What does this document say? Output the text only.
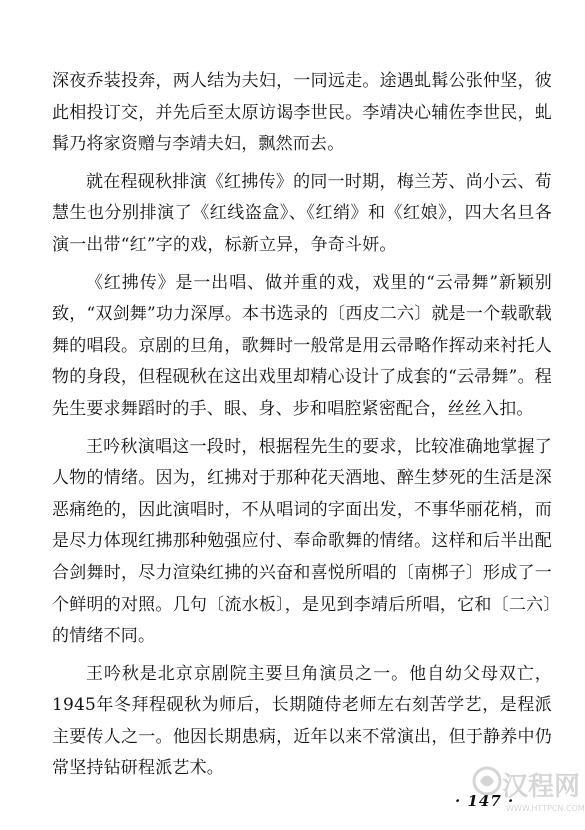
深夜乔装投奔，两人结为夫妇，一同远走。途遇虬髯公张仲坚，彼此相投订交，并先后至太原访谒李世民。李靖决心辅佐李世民，虬髯乃将家资赠与李靖夫妇，飘然而去。

就在程砚秋排演《红拂传》的同一时期，梅兰芳、尚小云、荀慧生也分别排演了《红线盗盒》、《红绡》和《红娘》，四大名旦各演一出带“红”字的戏，标新立异，争奇斗妍。

《红拂传》是一出唱、做并重的戏，戏里的“云帚舞”新颖别致，“双剑舞”功力深厚。本书选录的〔西皮二六〕就是一个载歌载舞的唱段。京剧的旦角，歌舞时一般常是用云帚略作挥动来衬托人物的身段，但程砚秋在这出戏里却精心设计了成套的“云帚舞”。程先生要求舞蹈时的手、眼、身、步和唱腔紧密配合，丝丝入扣。

王吟秋演唱这一段时，根据程先生的要求，比较准确地掌握了人物的情绪。因为，红拂对于那种花天酒地、醉生梦死的生活是深恶痛绝的，因此演唱时，不从唱词的字面出发，不事华丽花梢，而是尽力体现红拂那种勉强应付、奉命歌舞的情绪。这样和后半出配合剑舞时，尽力渲染红拂的兴奋和喜悦所唱的〔南梆子〕形成了一个鲜明的对照。几句〔流水板〕，是见到李靖后所唱，它和〔二六〕的情绪不同。

王吟秋是北京京剧院主要旦角演员之一。他自幼父母双亡，1945年冬拜程砚秋为师后，长期随侍老师左右刻苦学艺，是程派主要传人之一。他因长期患病，近年以来不常演出，但于静养中仍常坚持钻研程派艺术。

· 147 ·
汉程网
WWW.HTTPCN.COM
